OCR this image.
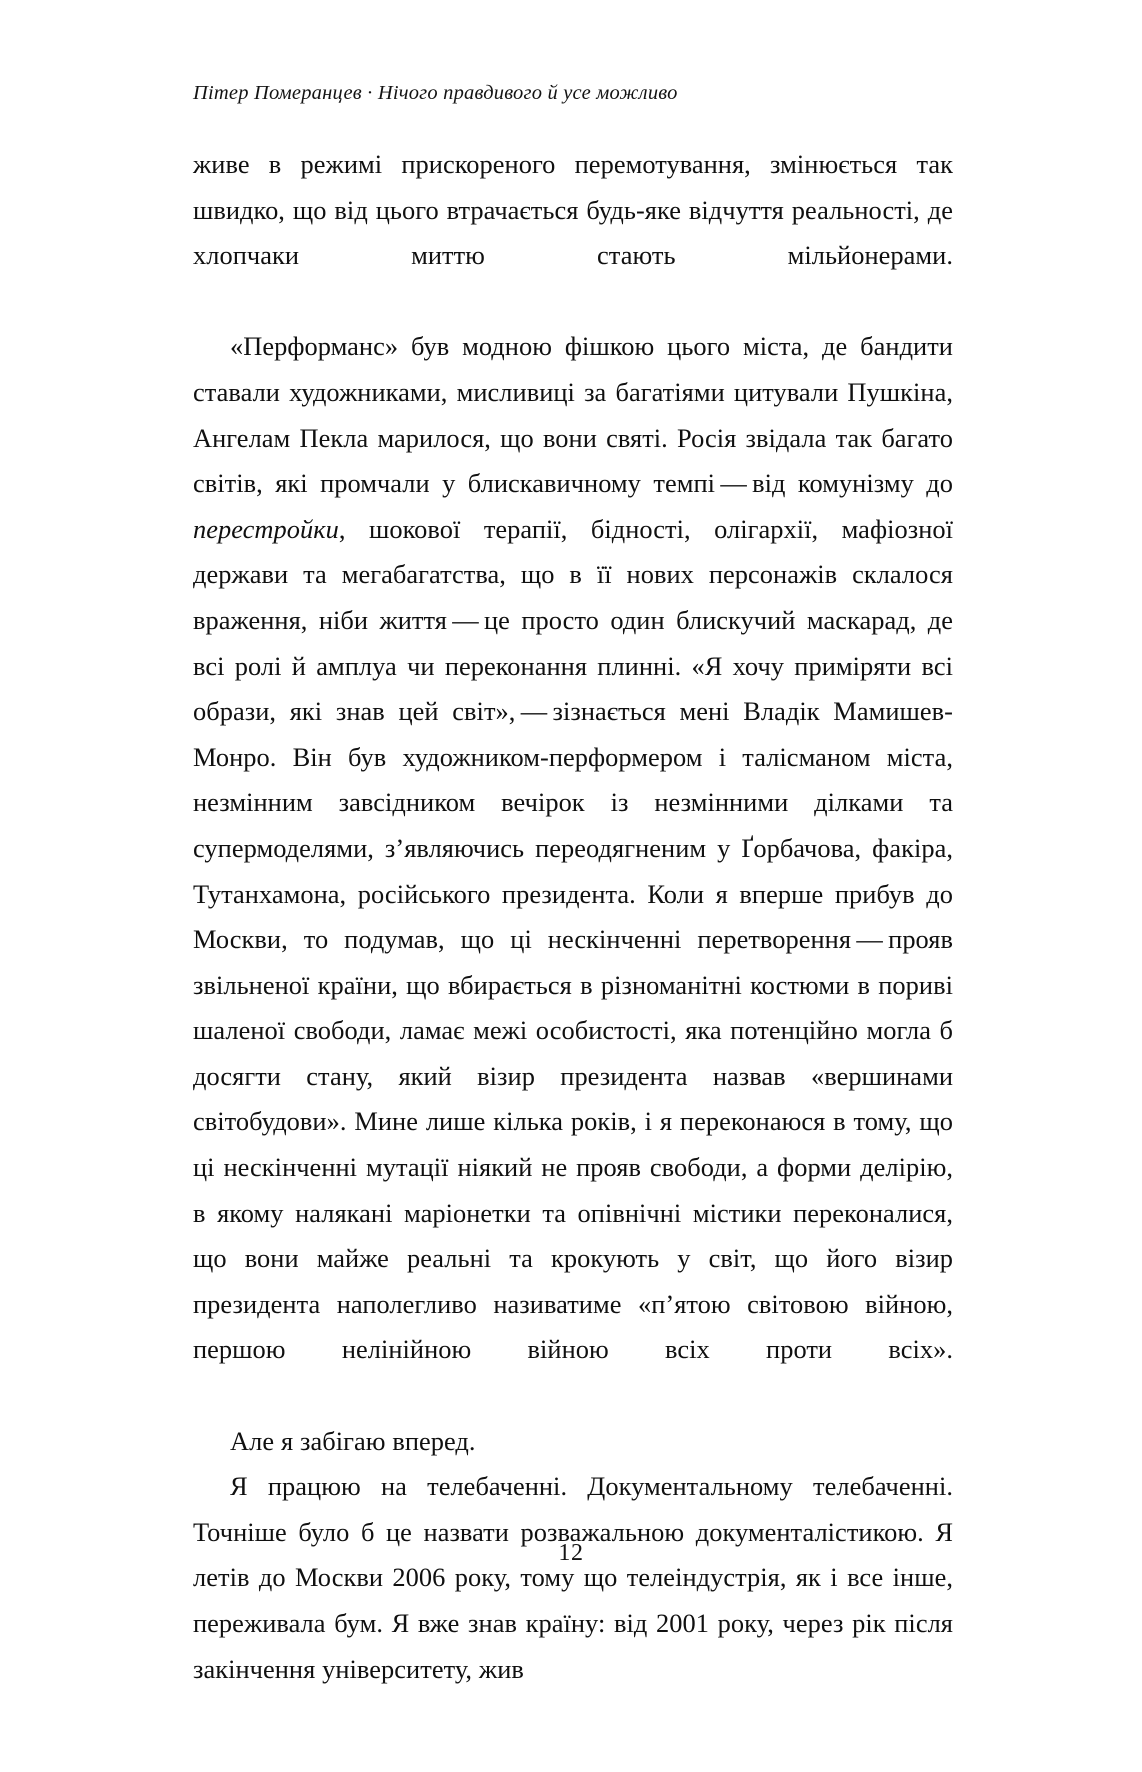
Пітер Померанцев · Нічого правдивого й усе можливо

живе в режимі прискореного перемотування, змінюється так швидко, що від цього втрачається будь-яке відчуття реальності, де хлопчаки миттю стають мільйонерами.

«Перформанс» був модною фішкою цього міста, де бандити ставали художниками, мисливиці за багатіями цитували Пушкіна, Ангелам Пекла марилося, що вони святі. Росія звідала так багато світів, які промчали у блискавичному темпі — від комунізму до перестройки, шокової терапії, бідності, олігархії, мафіозної держави та мегабагатства, що в її нових персонажів склалося враження, ніби життя — це просто один блискучий маскарад, де всі ролі й амплуа чи переконання плинні. «Я хочу приміряти всі образи, які знав цей світ», — зізнається мені Владік Мамишев-Монро. Він був художником-перформером і талісманом міста, незмінним завсідником вечірок із незмінними ділками та супермоделями, з’являючись переодягненим у Ґорбачова, факіра, Тутанхамона, російського президента. Коли я вперше прибув до Москви, то подумав, що ці нескінченні перетворення — прояв звільненої країни, що вбирається в різноманітні костюми в пориві шаленої свободи, ламає межі особистості, яка потенційно могла б досягти стану, який візир президента назвав «вершинами світобудови». Мине лише кілька років, і я переконаюся в тому, що ці нескінченні мутації ніякий не прояв свободи, а форми делірію, в якому налякані маріонетки та опівнічні містики переконалися, що вони майже реальні та крокують у світ, що його візир президента наполегливо називатиме «п’ятою світовою війною, першою нелінійною війною всіх проти всіх».

Але я забігаю вперед.

Я працюю на телебаченні. Документальному телебаченні. Точніше було б це назвати розважальною документалістикою. Я летів до Москви 2006 року, тому що телеіндустрія, як і все інше, переживала бум. Я вже знав країну: від 2001 року, через рік після закінчення університету, жив

12
